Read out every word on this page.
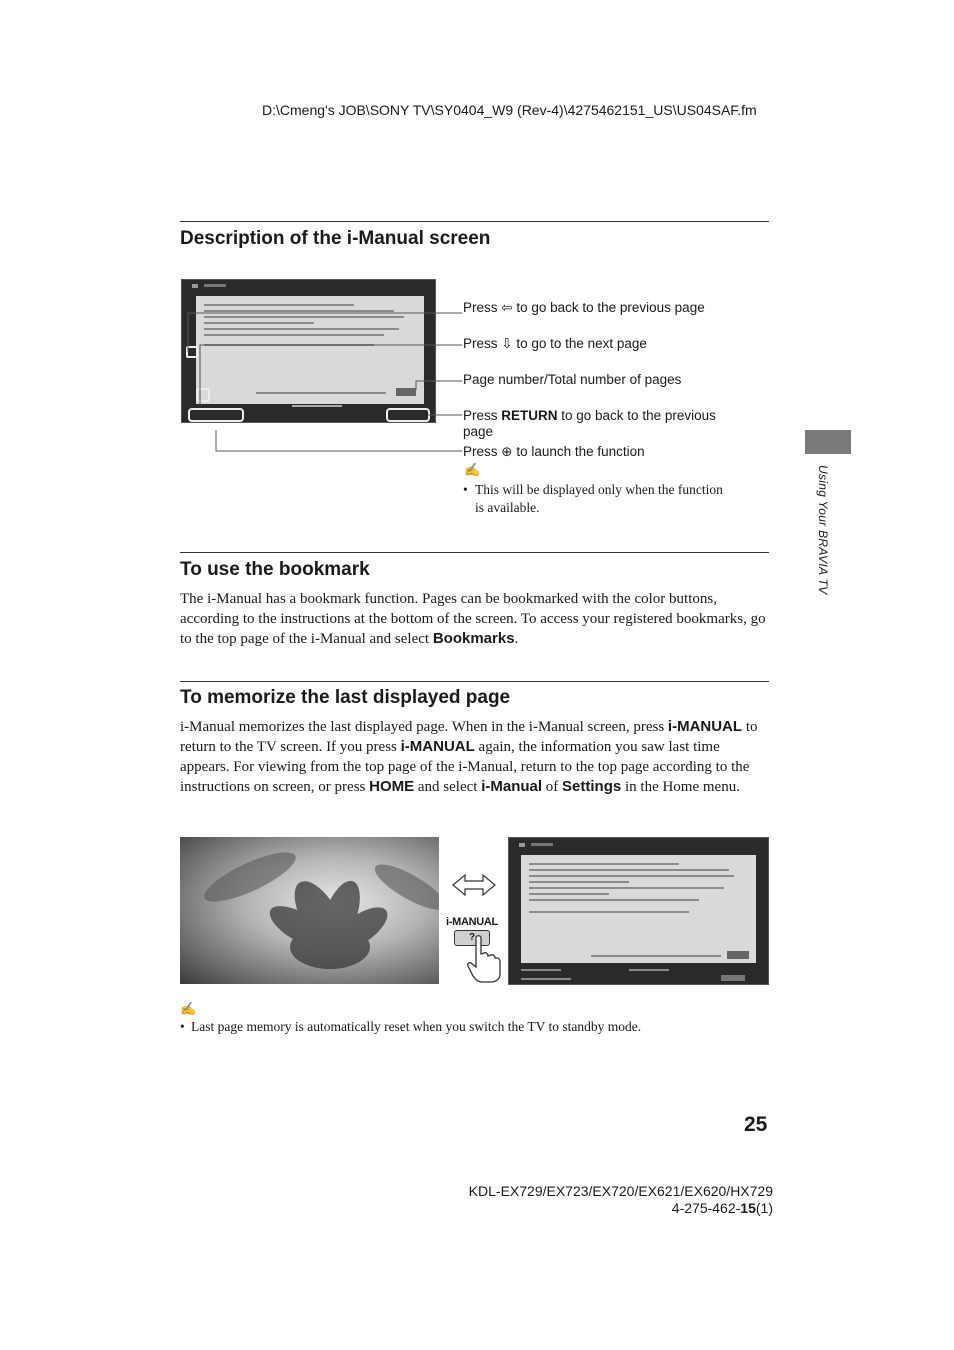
D:\Cmeng's JOB\SONY TV\SY0404_W9 (Rev-4)\4275462151_US\US04SAF.fm
Using Your BRAVIA TV
Description of the i-Manual screen
Press ⇦ to go back to the previous page
Press ⇩ to go to the next page
Page number/Total number of pages
Press RETURN to go back to the previous
page
Press ⊕ to launch the function
✍
• This will be displayed only when the function

is available.
To use the bookmark
The i-Manual has a bookmark function. Pages can be bookmarked with the color buttons, according to the instructions at the bottom of the screen. To access your registered bookmarks, go to the top page of the i-Manual and select Bookmarks.
To memorize the last displayed page
i-Manual memorizes the last displayed page. When in the i-Manual screen, press i-MANUAL to return to the TV screen. If you press i-MANUAL again, the information you saw last time appears. For viewing from the top page of the i-Manual, return to the top page according to the instructions on screen, or press HOME and select i-Manual of Settings in the Home menu.
i-MANUAL
?
✍
• Last page memory is automatically reset when you switch the TV to standby mode.
25
KDL-EX729/EX723/EX720/EX621/EX620/HX729
4-275-462-15(1)
